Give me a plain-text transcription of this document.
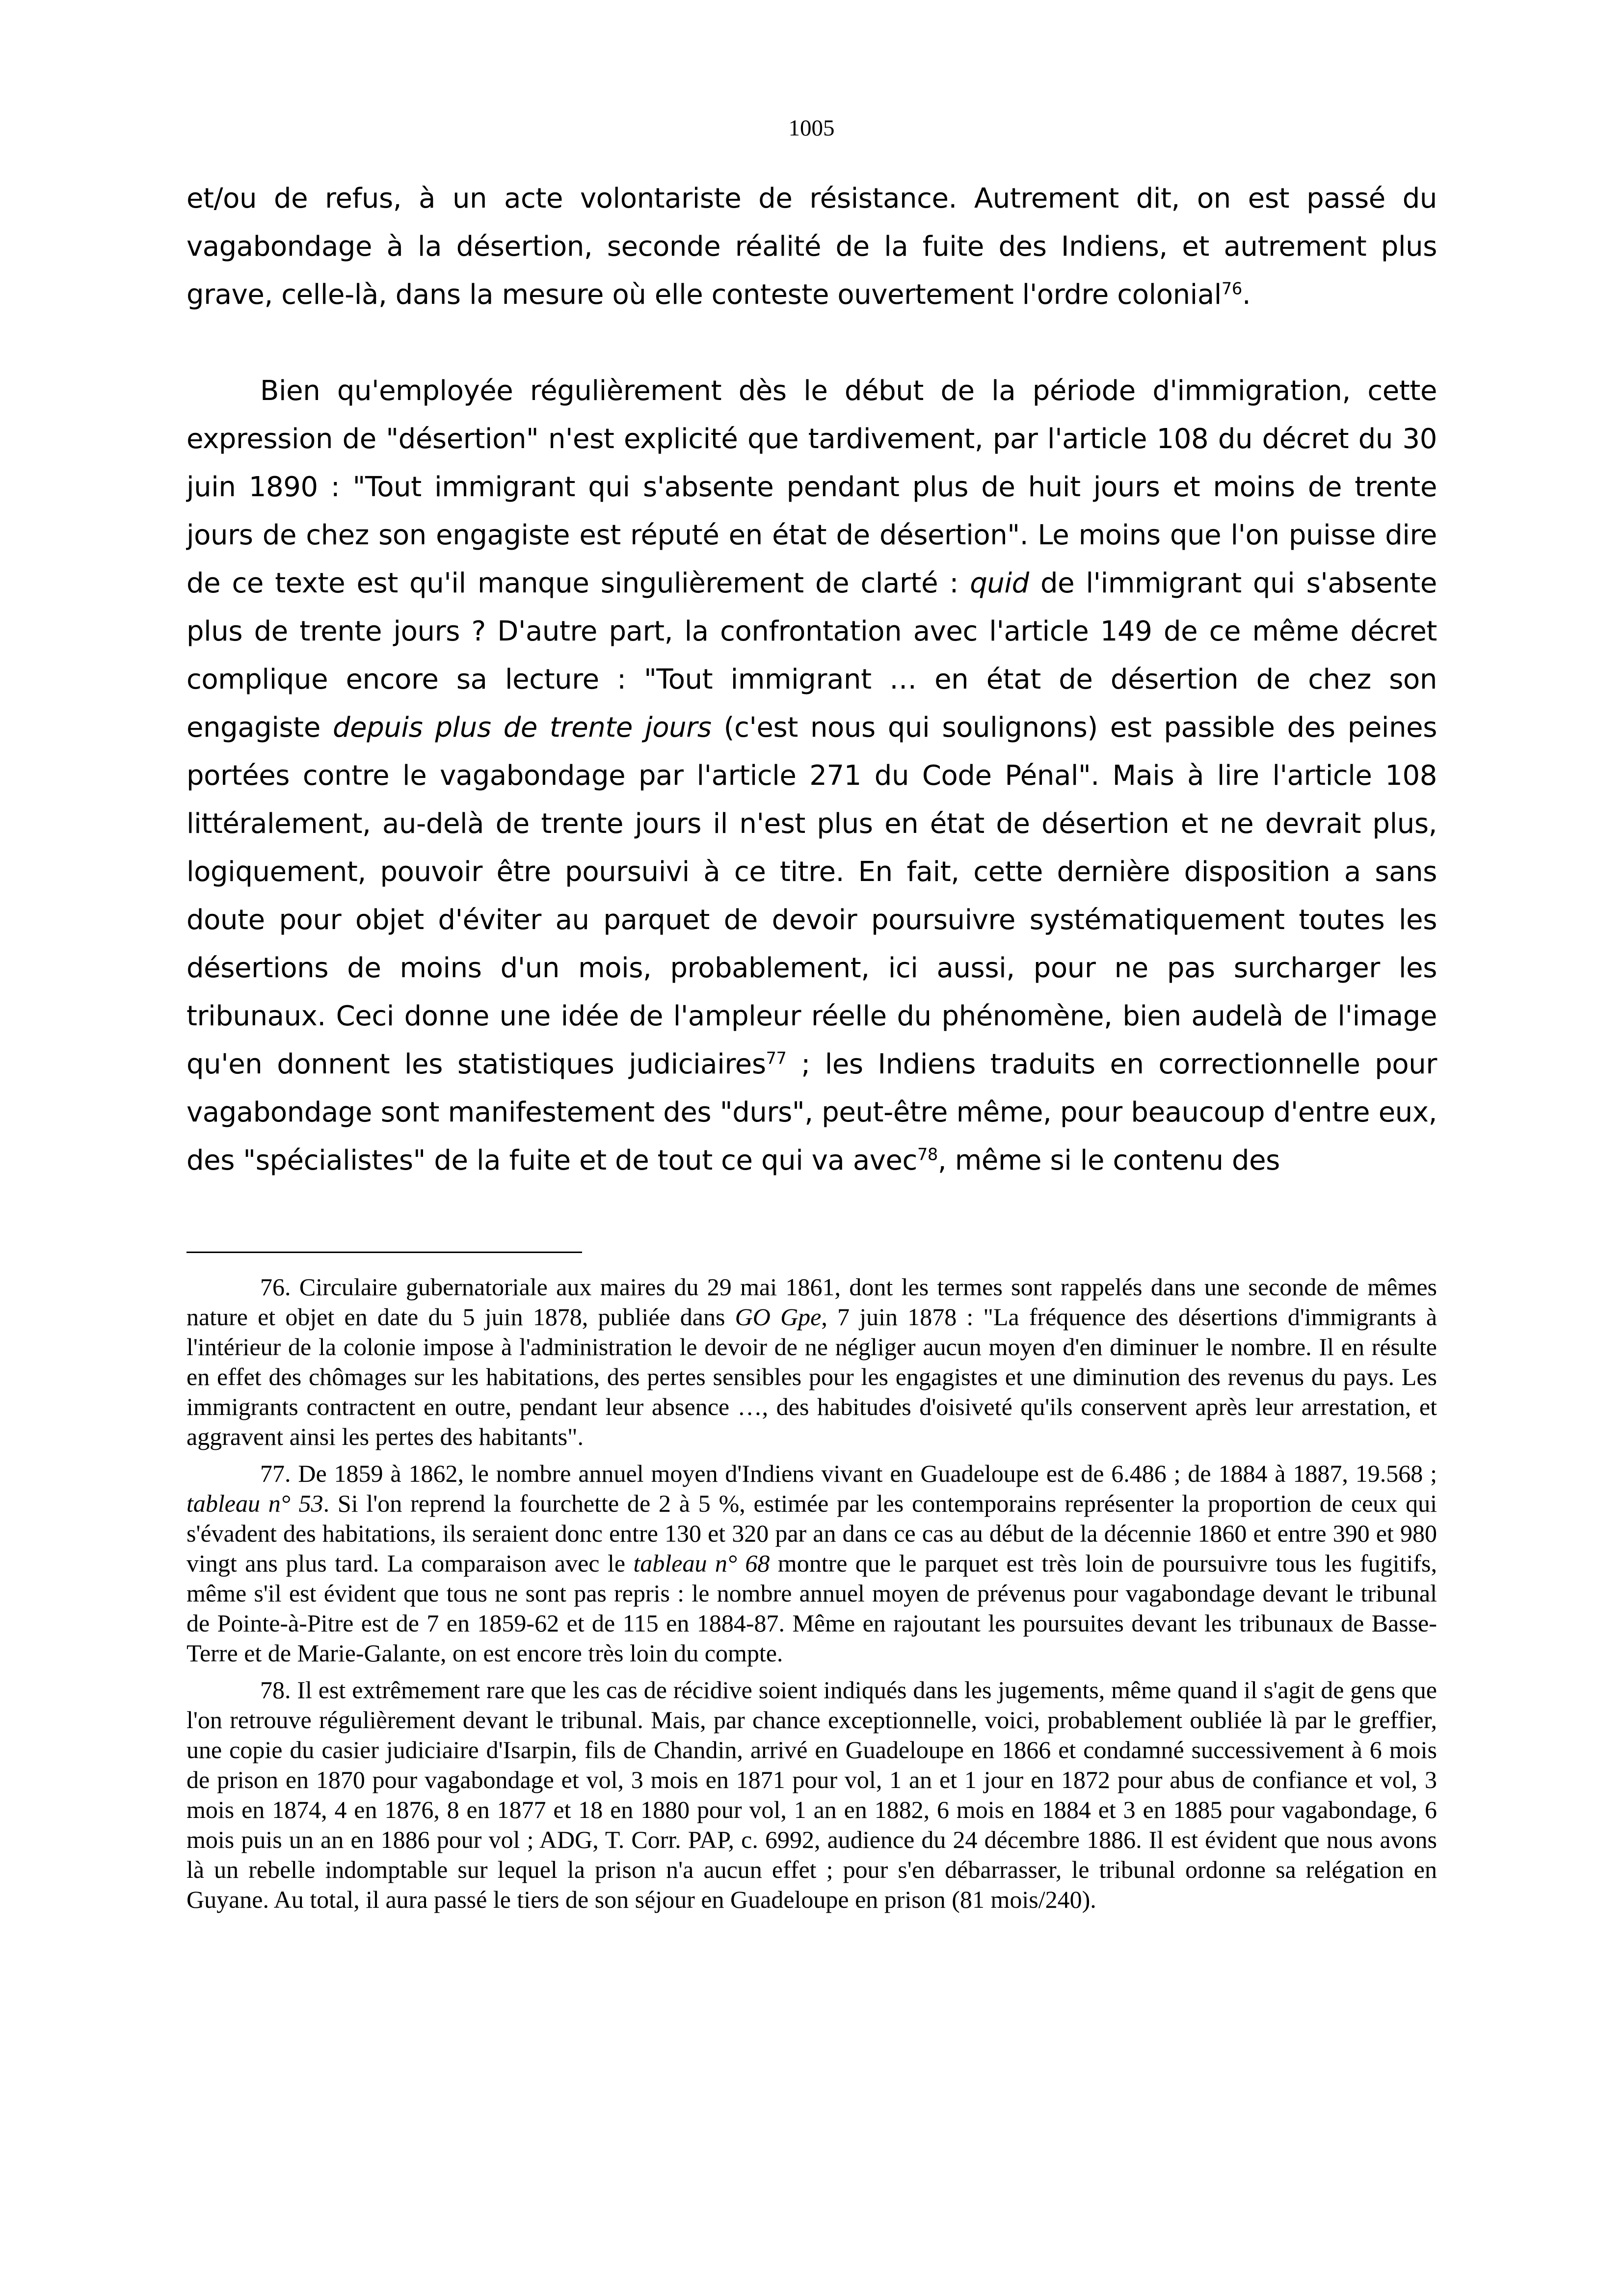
1005

et/ou de refus, à un acte volontariste de résistance. Autrement dit, on est passé du vagabondage à la désertion, seconde réalité de la fuite des Indiens, et autrement plus grave, celle-là, dans la mesure où elle conteste ouvertement l'ordre colonial$^{76}$.

Bien qu'employée régulièrement dès le début de la période d'immigration, cette expression de "désertion" n'est explicité que tardivement, par l'article 108 du décret du 30 juin 1890 : "Tout immigrant qui s'absente pendant plus de huit jours et moins de trente jours de chez son engagiste est réputé en état de désertion". Le moins que l'on puisse dire de ce texte est qu'il manque singulièrement de clarté : quid de l'immigrant qui s'absente plus de trente jours ? D'autre part, la confrontation avec l'article 149 de ce même décret complique encore sa lecture : "Tout immigrant … en état de désertion de chez son engagiste depuis plus de trente jours (c'est nous qui soulignons) est passible des peines portées contre le vagabondage par l'article 271 du Code Pénal". Mais à lire l'article 108 littéralement, au-delà de trente jours il n'est plus en état de désertion et ne devrait plus, logiquement, pouvoir être poursuivi à ce titre. En fait, cette dernière disposition a sans doute pour objet d'éviter au parquet de devoir poursuivre systématiquement toutes les désertions de moins d'un mois, probablement, ici aussi, pour ne pas surcharger les tribunaux. Ceci donne une idée de l'ampleur réelle du phénomène, bien audelà de l'image qu'en donnent les statistiques judiciaires$^{77}$ ; les Indiens traduits en correctionnelle pour vagabondage sont manifestement des "durs", peut-être même, pour beaucoup d'entre eux, des "spécialistes" de la fuite et de tout ce qui va avec$^{78}$, même si le contenu des

76. Circulaire gubernatoriale aux maires du 29 mai 1861, dont les termes sont rappelés dans une seconde de mêmes nature et objet en date du 5 juin 1878, publiée dans GO Gpe, 7 juin 1878 : "La fréquence des désertions d'immigrants à l'intérieur de la colonie impose à l'administration le devoir de ne négliger aucun moyen d'en diminuer le nombre. Il en résulte en effet des chômages sur les habitations, des pertes sensibles pour les engagistes et une diminution des revenus du pays. Les immigrants contractent en outre, pendant leur absence …, des habitudes d'oisiveté qu'ils conservent après leur arrestation, et aggravent ainsi les pertes des habitants".

77. De 1859 à 1862, le nombre annuel moyen d'Indiens vivant en Guadeloupe est de 6.486 ; de 1884 à 1887, 19.568 ; tableau n° 53. Si l'on reprend la fourchette de 2 à 5 %, estimée par les contemporains représenter la proportion de ceux qui s'évadent des habitations, ils seraient donc entre 130 et 320 par an dans ce cas au début de la décennie 1860 et entre 390 et 980 vingt ans plus tard. La comparaison avec le tableau n° 68 montre que le parquet est très loin de poursuivre tous les fugitifs, même s'il est évident que tous ne sont pas repris : le nombre annuel moyen de prévenus pour vagabondage devant le tribunal de Pointe-à-Pitre est de 7 en 1859-62 et de 115 en 1884-87. Même en rajoutant les poursuites devant les tribunaux de Basse-Terre et de Marie-Galante, on est encore très loin du compte.

78. Il est extrêmement rare que les cas de récidive soient indiqués dans les jugements, même quand il s'agit de gens que l'on retrouve régulièrement devant le tribunal. Mais, par chance exceptionnelle, voici, probablement oubliée là par le greffier, une copie du casier judiciaire d'Isarpin, fils de Chandin, arrivé en Guadeloupe en 1866 et condamné successivement à 6 mois de prison en 1870 pour vagabondage et vol, 3 mois en 1871 pour vol, 1 an et 1 jour en 1872 pour abus de confiance et vol, 3 mois en 1874, 4 en 1876, 8 en 1877 et 18 en 1880 pour vol, 1 an en 1882, 6 mois en 1884 et 3 en 1885 pour vagabondage, 6 mois puis un an en 1886 pour vol ; ADG, T. Corr. PAP, c. 6992, audience du 24 décembre 1886. Il est évident que nous avons là un rebelle indomptable sur lequel la prison n'a aucun effet ; pour s'en débarrasser, le tribunal ordonne sa relégation en Guyane. Au total, il aura passé le tiers de son séjour en Guadeloupe en prison (81 mois/240).
